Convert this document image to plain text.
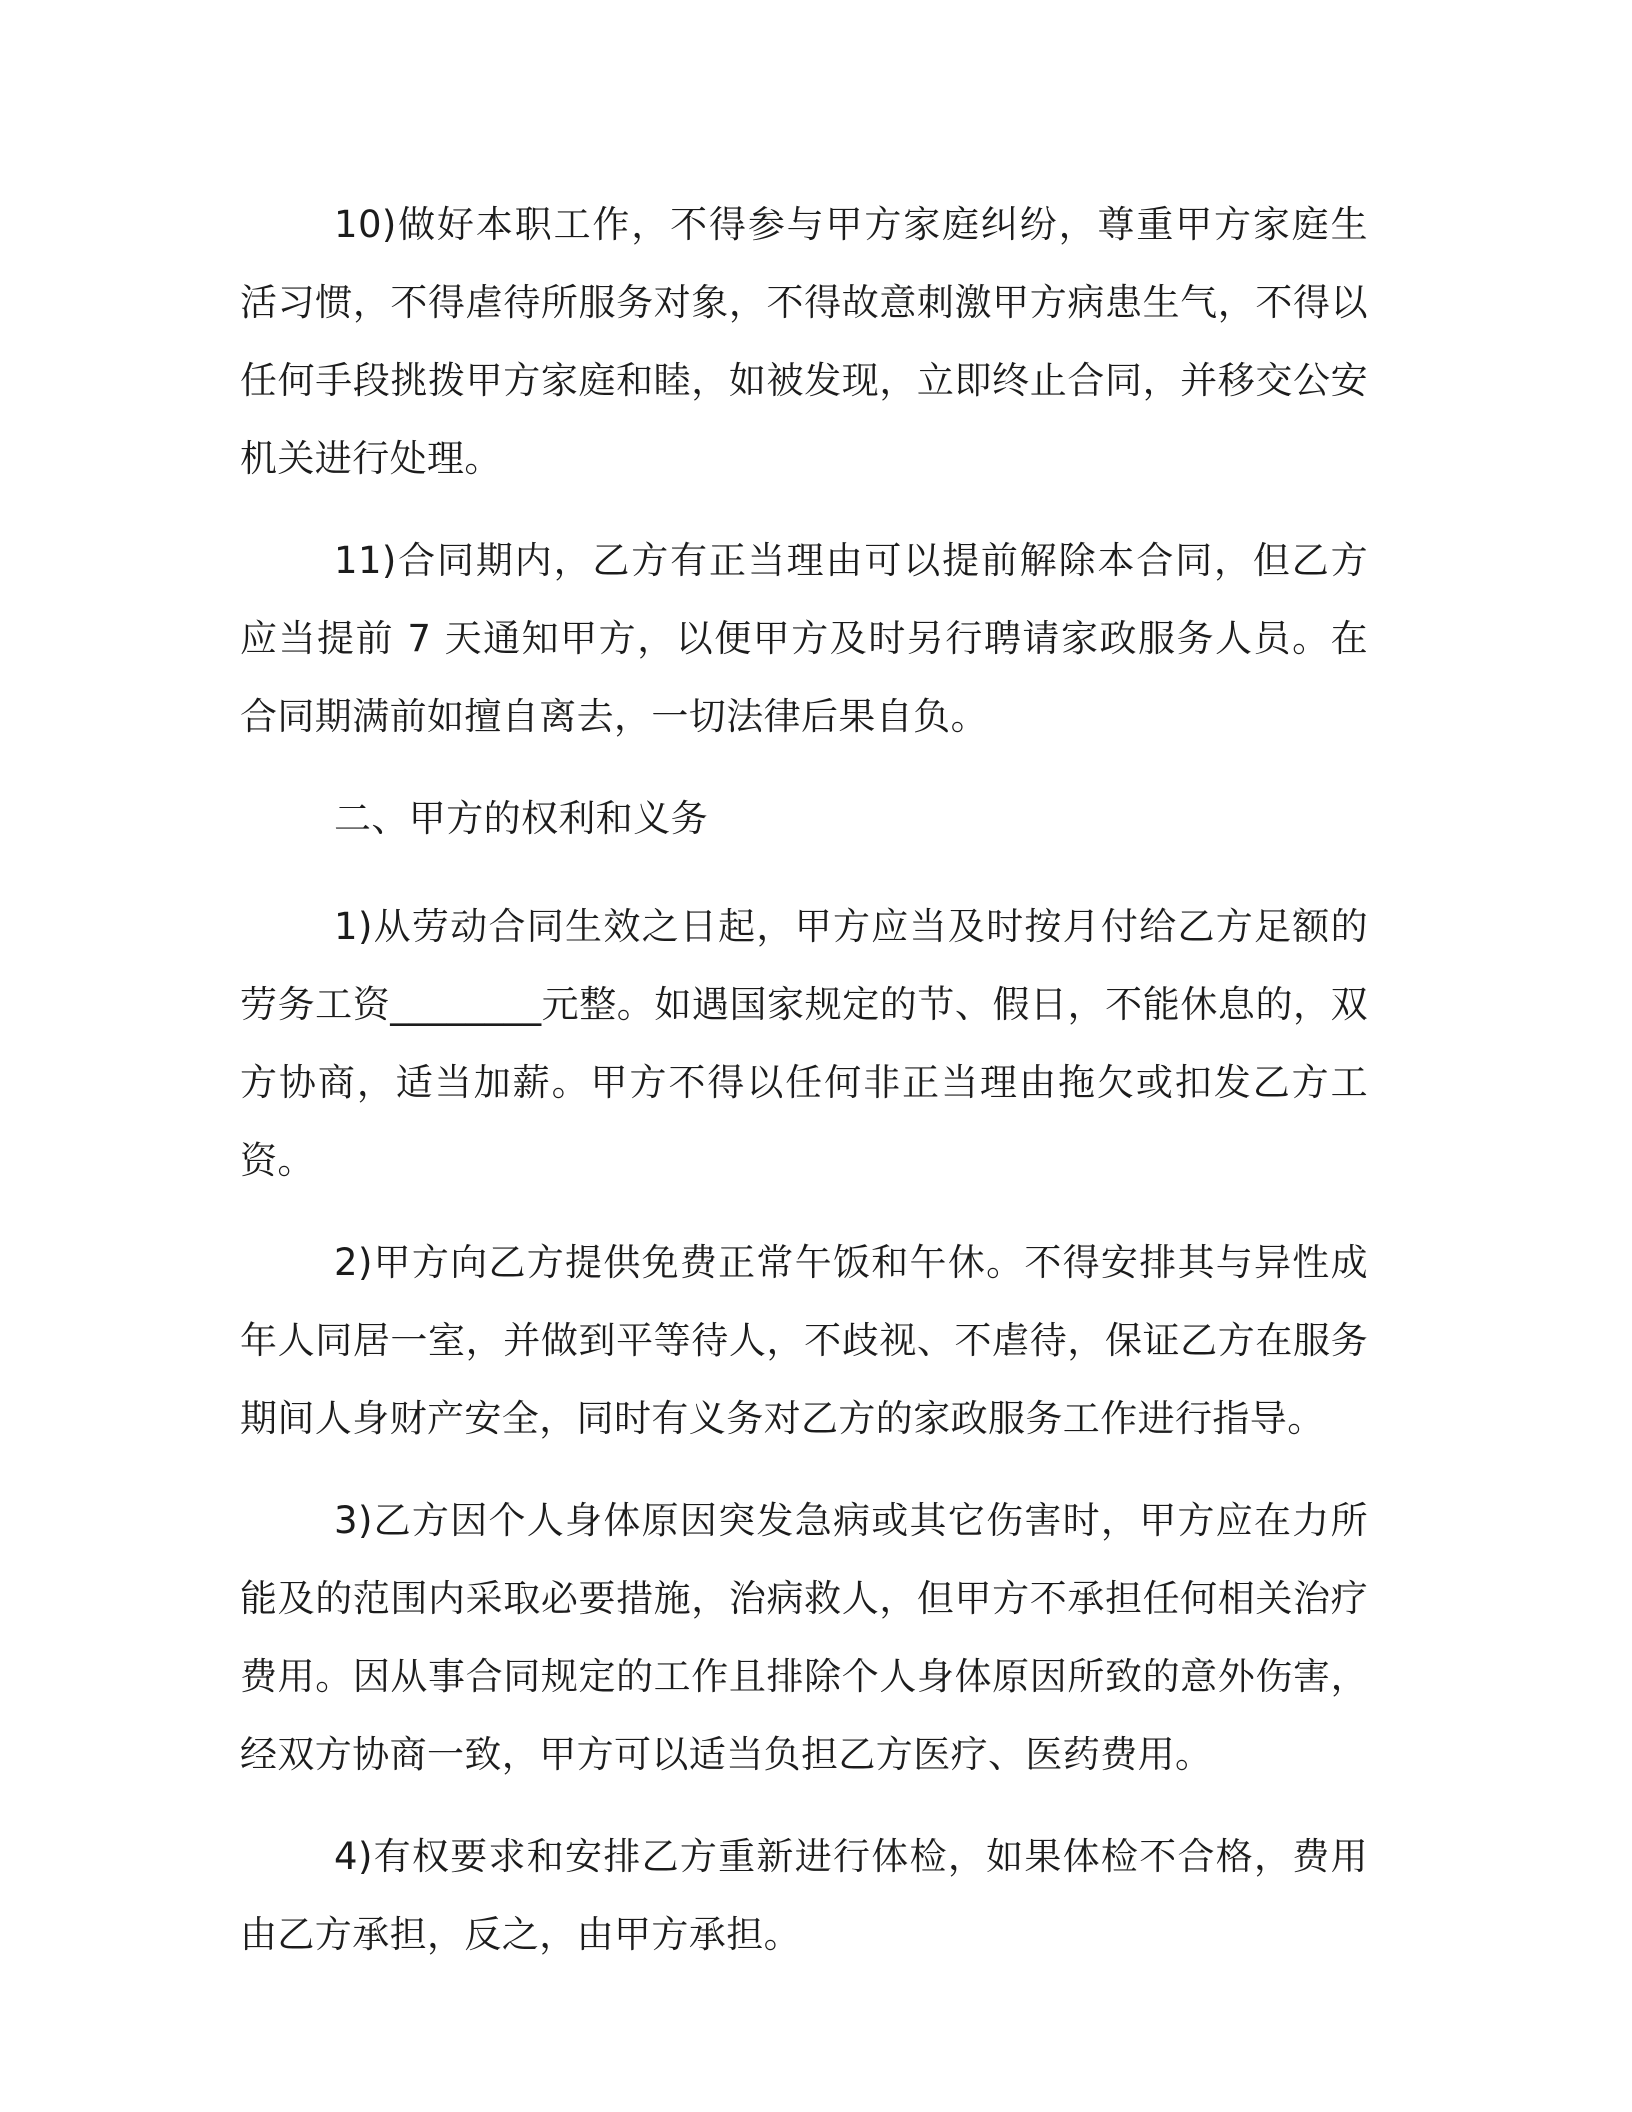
10)做好本职工作，不得参与甲方家庭纠纷，尊重甲方家庭生活习惯，不得虐待所服务对象，不得故意刺激甲方病患生气，不得以任何手段挑拨甲方家庭和睦，如被发现，立即终止合同，并移交公安机关进行处理。

11)合同期内，乙方有正当理由可以提前解除本合同，但乙方应当提前 7 天通知甲方，以便甲方及时另行聘请家政服务人员。在合同期满前如擅自离去，一切法律后果自负。

二、甲方的权利和义务

1)从劳动合同生效之日起，甲方应当及时按月付给乙方足额的劳务工资________元整。如遇国家规定的节、假日，不能休息的，双方协商，适当加薪。甲方不得以任何非正当理由拖欠或扣发乙方工资。

2)甲方向乙方提供免费正常午饭和午休。不得安排其与异性成年人同居一室，并做到平等待人，不歧视、不虐待，保证乙方在服务期间人身财产安全，同时有义务对乙方的家政服务工作进行指导。

3)乙方因个人身体原因突发急病或其它伤害时，甲方应在力所能及的范围内采取必要措施，治病救人，但甲方不承担任何相关治疗费用。因从事合同规定的工作且排除个人身体原因所致的意外伤害，经双方协商一致，甲方可以适当负担乙方医疗、医药费用。

4)有权要求和安排乙方重新进行体检，如果体检不合格，费用由乙方承担，反之，由甲方承担。
